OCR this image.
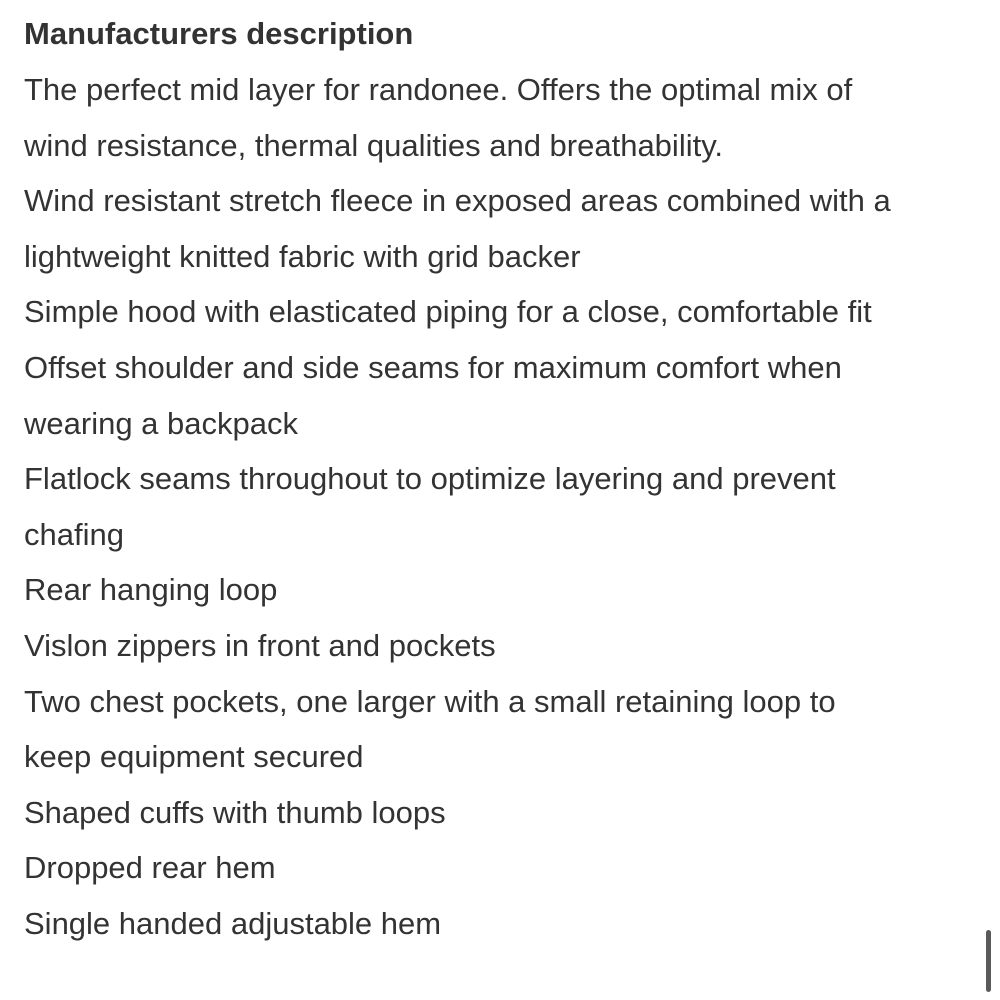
Manufacturers description
The perfect mid layer for randonee. Offers the optimal mix of
wind resistance, thermal qualities and breathability.
Wind resistant stretch fleece in exposed areas combined with a
lightweight knitted fabric with grid backer
Simple hood with elasticated piping for a close, comfortable fit
Offset shoulder and side seams for maximum comfort when
wearing a backpack
Flatlock seams throughout to optimize layering and prevent
chafing
Rear hanging loop
Vislon zippers in front and pockets
Two chest pockets, one larger with a small retaining loop to
keep equipment secured
Shaped cuffs with thumb loops
Dropped rear hem
Single handed adjustable hem
